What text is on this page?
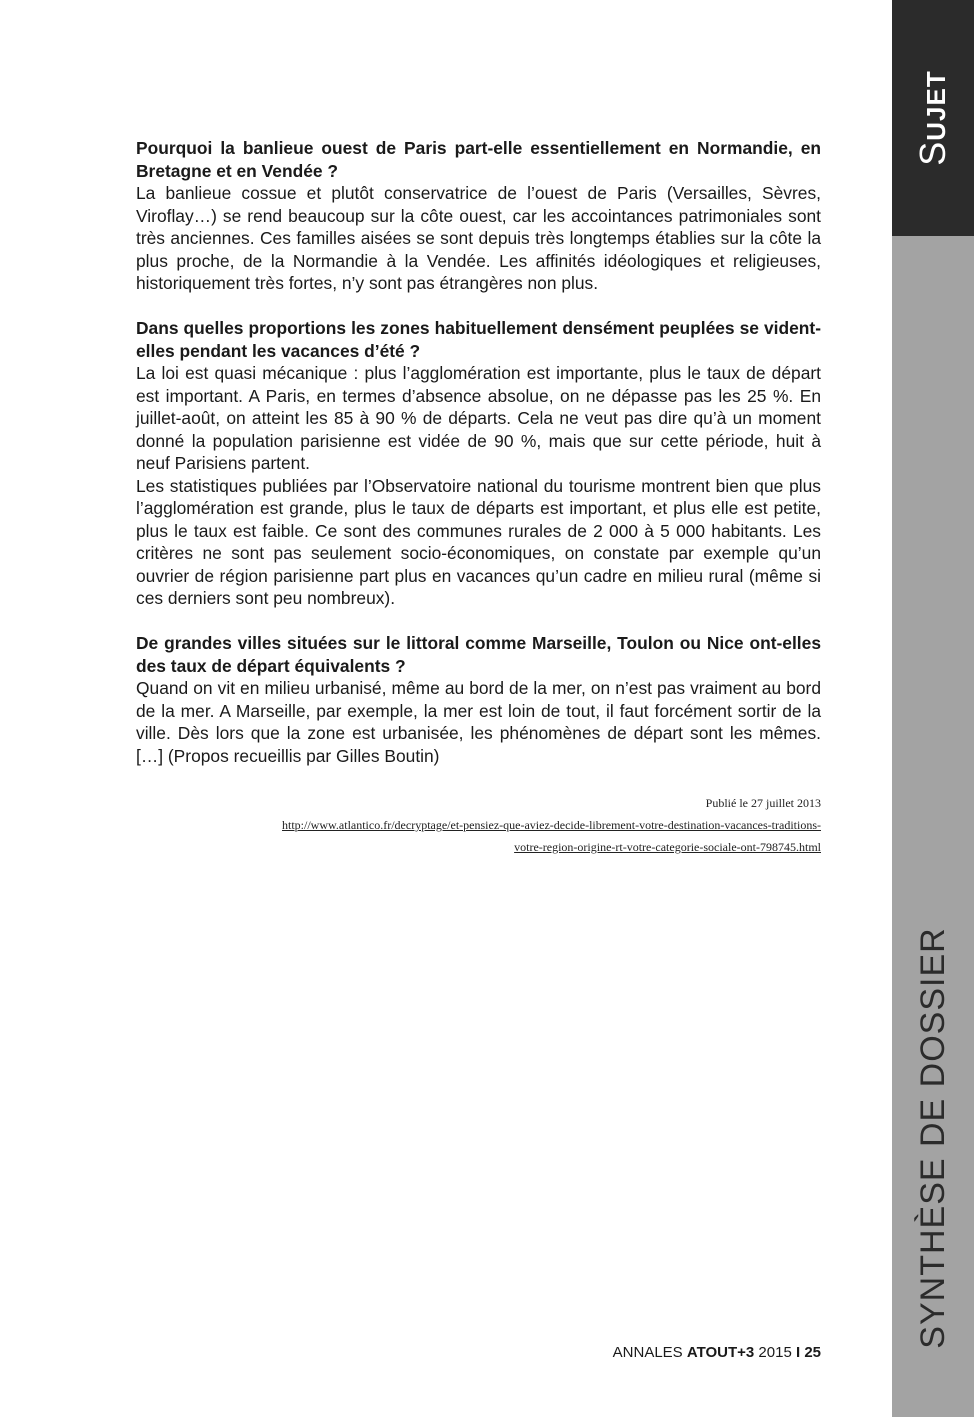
SUJET
SYNTHÈSE DE DOSSIER

Pourquoi la banlieue ouest de Paris part-elle essentiellement en Normandie, en Bretagne et en Vendée ?

La banlieue cossue et plutôt conservatrice de l’ouest de Paris (Versailles, Sèvres, Viroflay…) se rend beaucoup sur la côte ouest, car les accointances patrimoniales sont très anciennes. Ces familles aisées se sont depuis très longtemps établies sur la côte la plus proche, de la Normandie à la Vendée. Les affinités idéologiques et religieuses, historiquement très fortes, n’y sont pas étrangères non plus.

Dans quelles proportions les zones habituellement densément peuplées se vident-elles pendant les vacances d’été ?

La loi est quasi mécanique : plus l’agglomération est importante, plus le taux de départ est important. A Paris, en termes d’absence absolue, on ne dépasse pas les 25 %. En juillet-août, on atteint les 85 à 90 % de départs. Cela ne veut pas dire qu’à un moment donné la population parisienne est vidée de 90 %, mais que sur cette période, huit à neuf Parisiens partent.

Les statistiques publiées par l’Observatoire national du tourisme montrent bien que plus l’agglomération est grande, plus le taux de départs est important, et plus elle est petite, plus le taux est faible. Ce sont des communes rurales de 2 000 à 5 000 habitants. Les critères ne sont pas seulement socio-économiques, on constate par exemple qu’un ouvrier de région parisienne part plus en vacances qu’un cadre en milieu rural (même si ces derniers sont peu nombreux).

De grandes villes situées sur le littoral comme Marseille, Toulon ou Nice ont-elles des taux de départ équivalents ?

Quand on vit en milieu urbanisé, même au bord de la mer, on n’est pas vraiment au bord de la mer. A Marseille, par exemple, la mer est loin de tout, il faut forcément sortir de la ville. Dès lors que la zone est urbanisée, les phénomènes de départ sont les mêmes. […] (Propos recueillis par Gilles Boutin)

Publié le 27 juillet 2013

http://www.atlantico.fr/decryptage/et-pensiez-que-aviez-decide-librement-votre-destination-vacances-traditions-

votre-region-origine-rt-votre-categorie-sociale-ont-798745.html

ANNALES ATOUT+3 2015 I 25
